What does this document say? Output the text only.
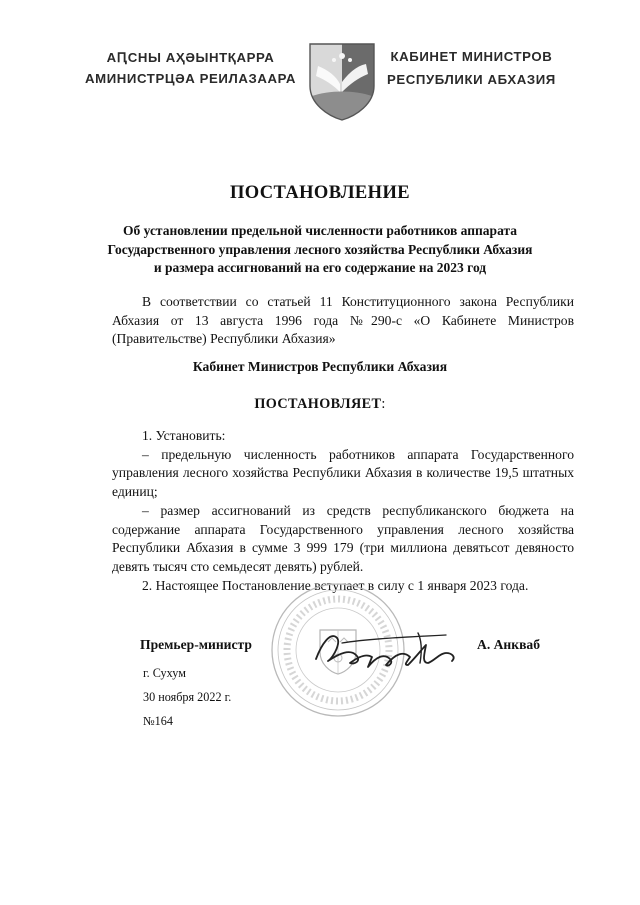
АԤСНЫ АҲӘЫНТҚАРРА
АМИНИСТРЦӘА РЕИЛАЗААРА
КАБИНЕТ МИНИСТРОВ
РЕСПУБЛИКИ АБХАЗИЯ
ПОСТАНОВЛЕНИЕ
Об установлении предельной численности работников аппарата
Государственного управления лесного хозяйства Республики Абхазия
и размера ассигнований на его содержание на 2023 год
В соответствии со статьей 11 Конституционного закона Республики Абхазия от 13 августа 1996 года №290-с «О Кабинете Министров (Правительстве) Республики Абхазия»
Кабинет Министров Республики Абхазия
ПОСТАНОВЛЯЕТ:

1. Установить:

– предельную численность работников аппарата Государственного управления лесного хозяйства Республики Абхазия в количестве 19,5 штатных единиц;

– размер ассигнований из средств республиканского бюджета на содержание аппарата Государственного управления лесного хозяйства Республики Абхазия в сумме 3 999 179 (три миллиона девятьсот девяносто девять тысяч сто семьдесят девять) рублей.

2. Настоящее Постановление вступает в силу с 1 января 2023 года.

Премьер-министр	А. Анкваб
г. Сухум
30 ноября 2022 г.
№164
